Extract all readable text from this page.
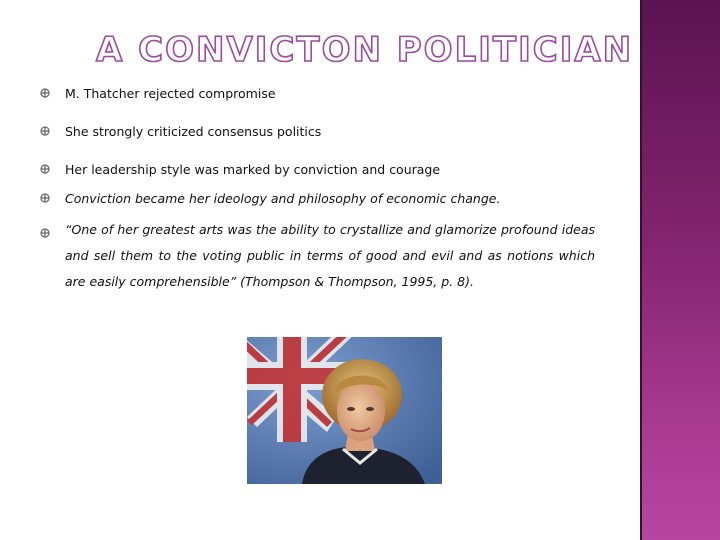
A CONVICTON POLITICIAN
M. Thatcher rejected compromise
She strongly criticized consensus politics
Her leadership style was marked by conviction and courage
Conviction became her ideology and philosophy of economic change.
“One of her greatest arts was the ability to crystallize and glamorize profound ideas and sell them to the voting public in terms of good and evil and as notions which are easily comprehensible” (Thompson & Thompson, 1995, p. 8).
